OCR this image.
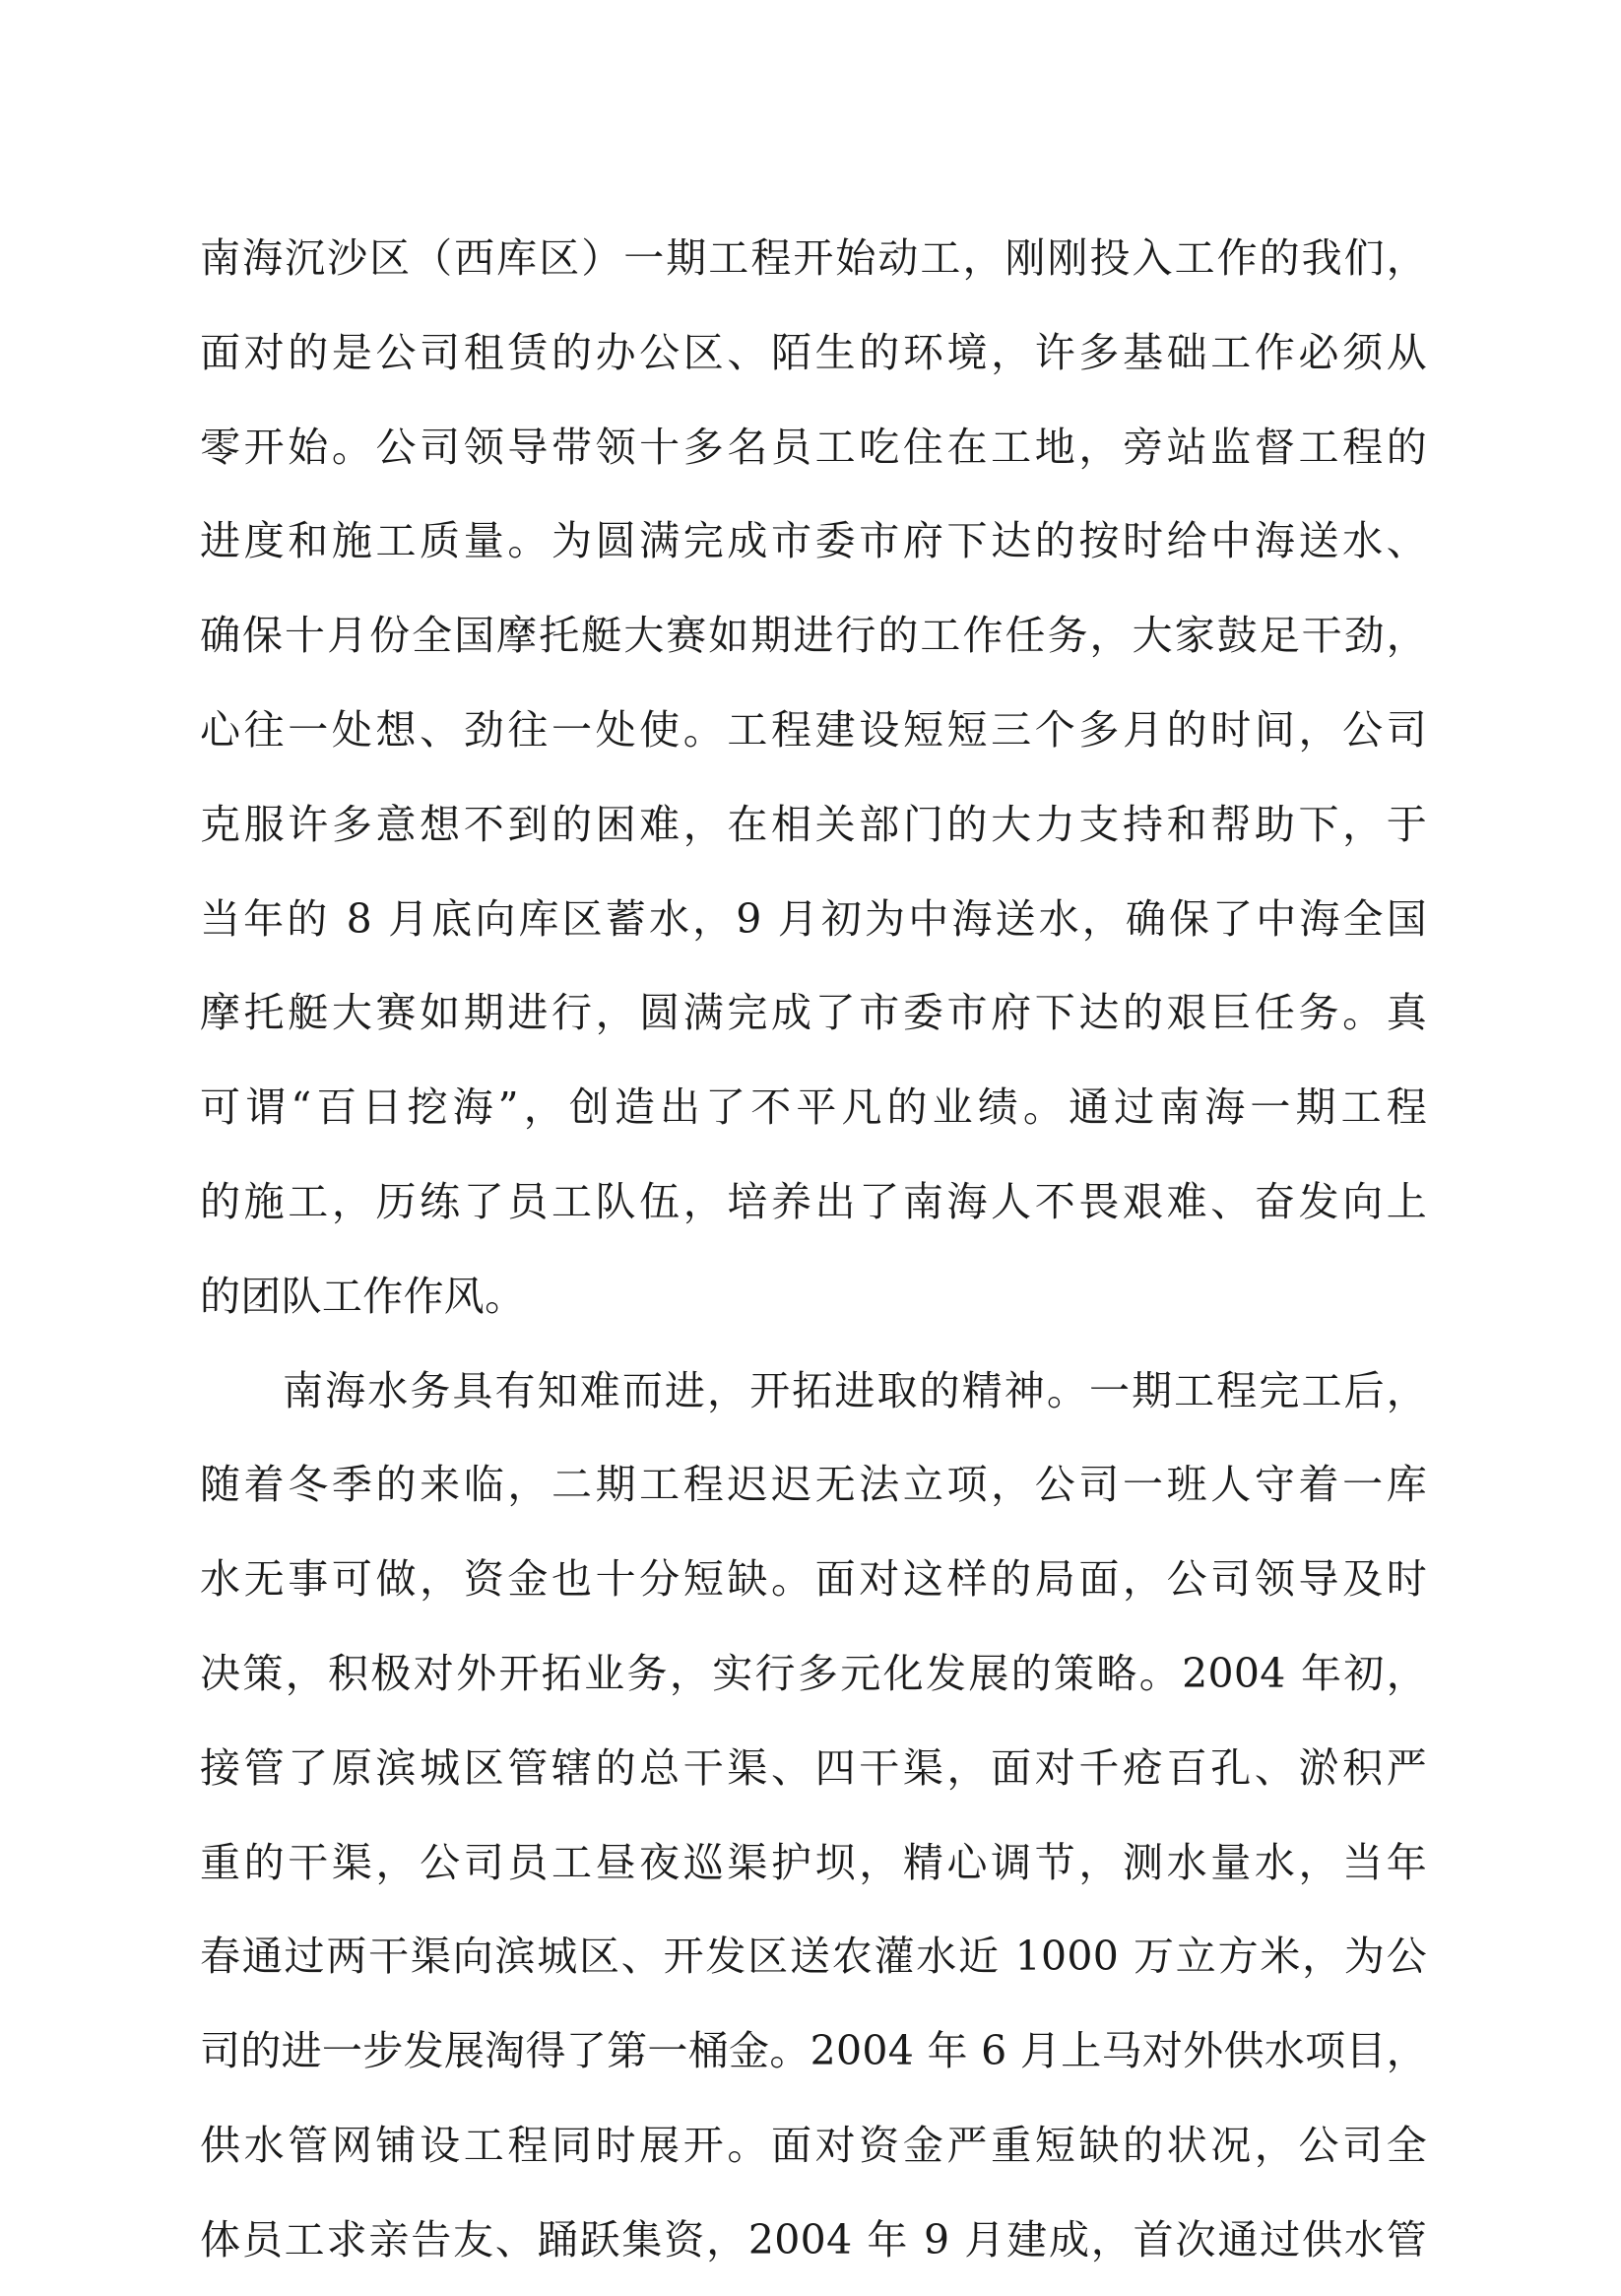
南海沉沙区（西库区）一期工程开始动工，刚刚投入工作的我们，
面对的是公司租赁的办公区、陌生的环境，许多基础工作必须从
零开始。公司领导带领十多名员工吃住在工地，旁站监督工程的
进度和施工质量。为圆满完成市委市府下达的按时给中海送水、
确保十月份全国摩托艇大赛如期进行的工作任务，大家鼓足干劲，
心往一处想、劲往一处使。工程建设短短三个多月的时间，公司
克服许多意想不到的困难，在相关部门的大力支持和帮助下，于
当年的 8 月底向库区蓄水，9 月初为中海送水，确保了中海全国
摩托艇大赛如期进行，圆满完成了市委市府下达的艰巨任务。真
可谓“百日挖海”，创造出了不平凡的业绩。通过南海一期工程
的施工，历练了员工队伍，培养出了南海人不畏艰难、奋发向上
的团队工作作风。
南海水务具有知难而进，开拓进取的精神。一期工程完工后，
随着冬季的来临，二期工程迟迟无法立项，公司一班人守着一库
水无事可做，资金也十分短缺。面对这样的局面，公司领导及时
决策，积极对外开拓业务，实行多元化发展的策略。2004 年初，
接管了原滨城区管辖的总干渠、四干渠，面对千疮百孔、淤积严
重的干渠，公司员工昼夜巡渠护坝，精心调节，测水量水，当年
春通过两干渠向滨城区、开发区送农灌水近 1000 万立方米，为公
司的进一步发展淘得了第一桶金。2004 年 6 月上马对外供水项目，
供水管网铺设工程同时展开。面对资金严重短缺的状况，公司全
体员工求亲告友、踊跃集资，2004 年 9 月建成，首次通过供水管
